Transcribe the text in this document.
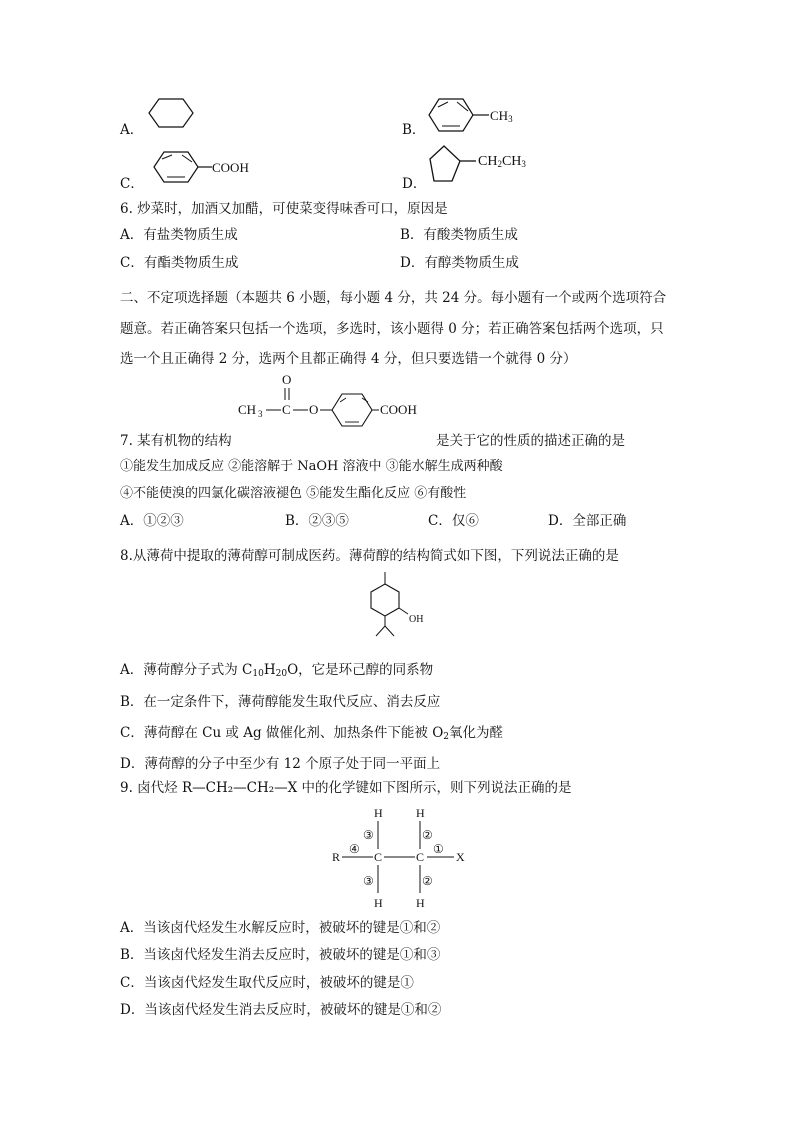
A．	B．
$CH_3$
C．
COOH
D．
$CH_2CH_3$
6. 炒菜时，加酒又加醋，可使菜变得味香可口，原因是
A．有盐类物质生成	B．有酸类物质生成
C．有酯类物质生成	D．有醇类物质生成
二、不定项选择题（本题共 6 小题，每小题 4 分，共 24 分。每小题有一个或两个选项符合
题意。若正确答案只包括一个选项，多选时，该小题得 0 分；若正确答案包括两个选项，只
选一个且正确得 2 分，选两个且都正确得 4 分，但只要选错一个就得 0 分）
O
CH 3 C O	COOH
7. 某有机物的结构	是关于它的性质的描述正确的是
①能发生加成反应 ②能溶解于 NaOH 溶液中 ③能水解生成两种酸
④不能使溴的四氯化碳溶液褪色 ⑤能发生酯化反应 ⑥有酸性
A．①②③	B．②③⑤	C．仅⑥	D．全部正确
8.从薄荷中提取的薄荷醇可制成医药。薄荷醇的结构简式如下图，下列说法正确的是
OH
A．薄荷醇分子式为 $C_{10}H_{20}O$，它是环己醇的同系物
B．在一定条件下，薄荷醇能发生取代反应、消去反应
C．薄荷醇在 Cu 或 Ag 做催化剂、加热条件下能被 $O_2$氧化为醛
D．薄荷醇的分子中至少有 12 个原子处于同一平面上
9. 卤代烃 R—CH₂—CH₂—X 中的化学键如下图所示，则下列说法正确的是
H	H
③	②
R
④
C	C
①
X
③	②
H	H
A．当该卤代烃发生水解反应时，被破坏的键是①和②
B．当该卤代烃发生消去反应时，被破坏的键是①和③
C．当该卤代烃发生取代反应时，被破坏的键是①
D．当该卤代烃发生消去反应时，被破坏的键是①和②
